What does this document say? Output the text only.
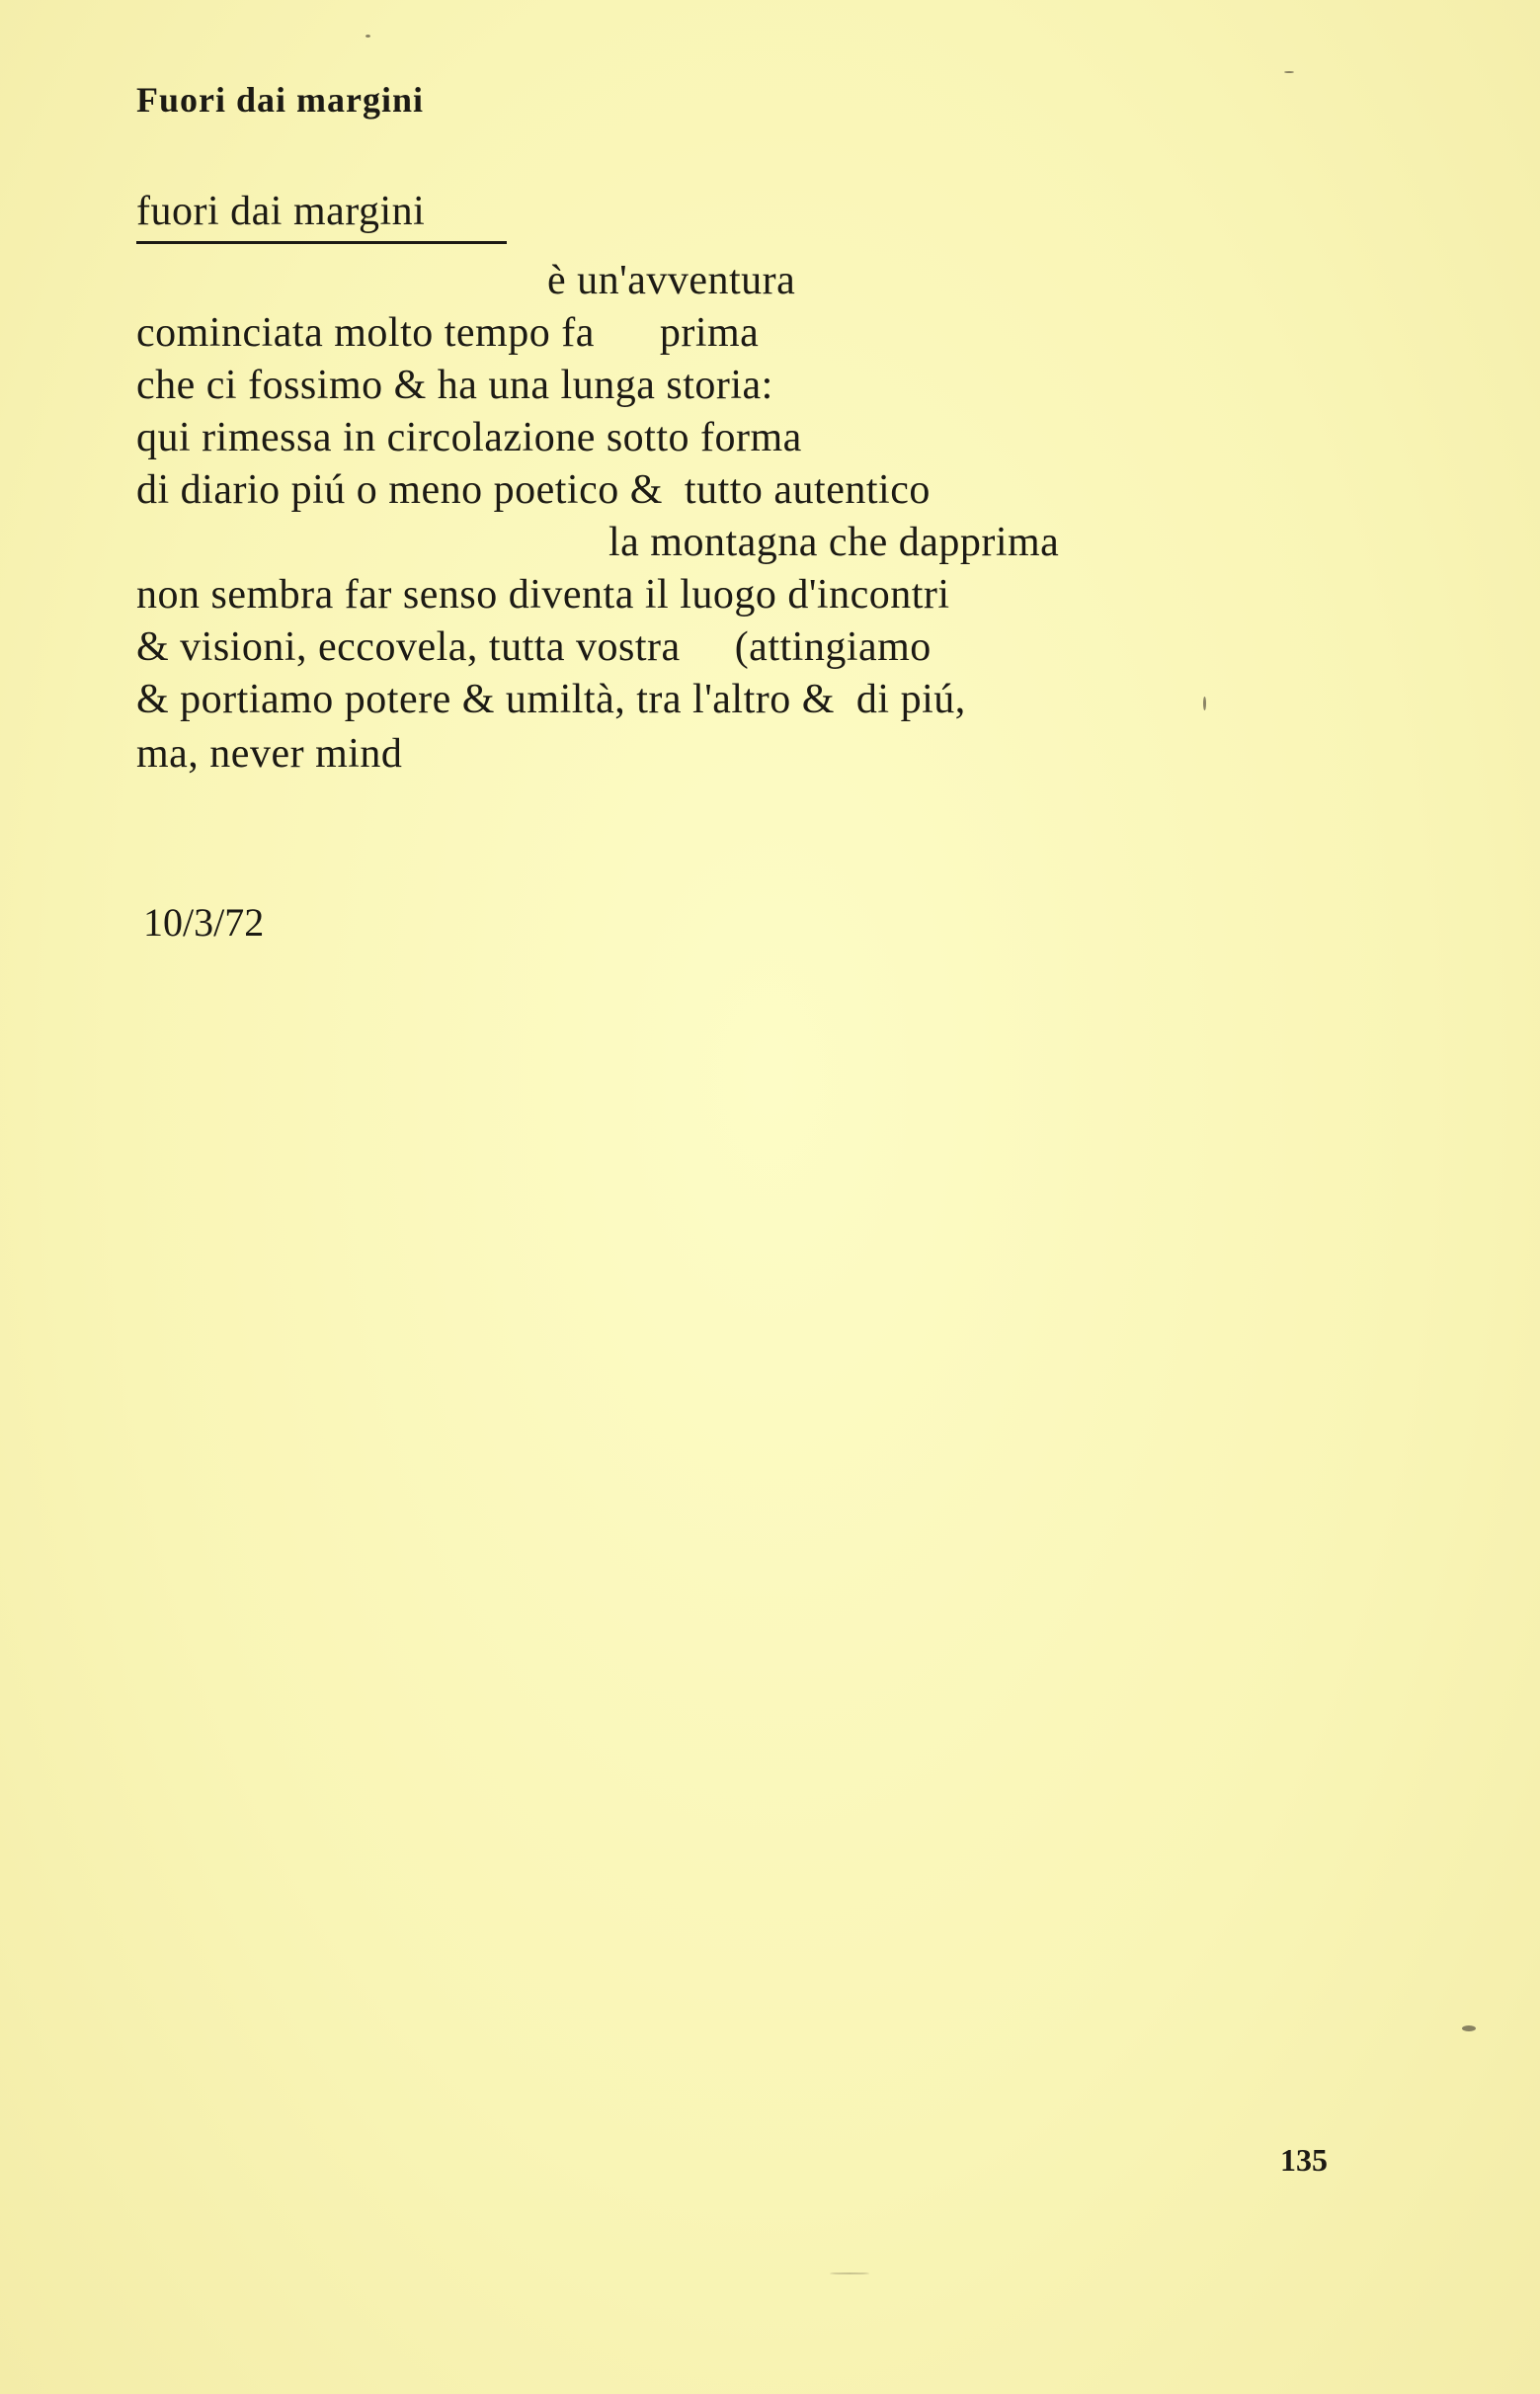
Fuori dai margini
fuori dai margini
è un'avventura
cominciata molto tempo fa      prima
che ci fossimo & ha una lunga storia:
qui rimessa in circolazione sotto forma
di diario piú o meno poetico &  tutto autentico
la montagna che dapprima
non sembra far senso diventa il luogo d'incontri
& visioni, eccovela, tutta vostra     (attingiamo
& portiamo potere & umiltà, tra l'altro &  di piú,
ma, never mind
10/3/72
135
